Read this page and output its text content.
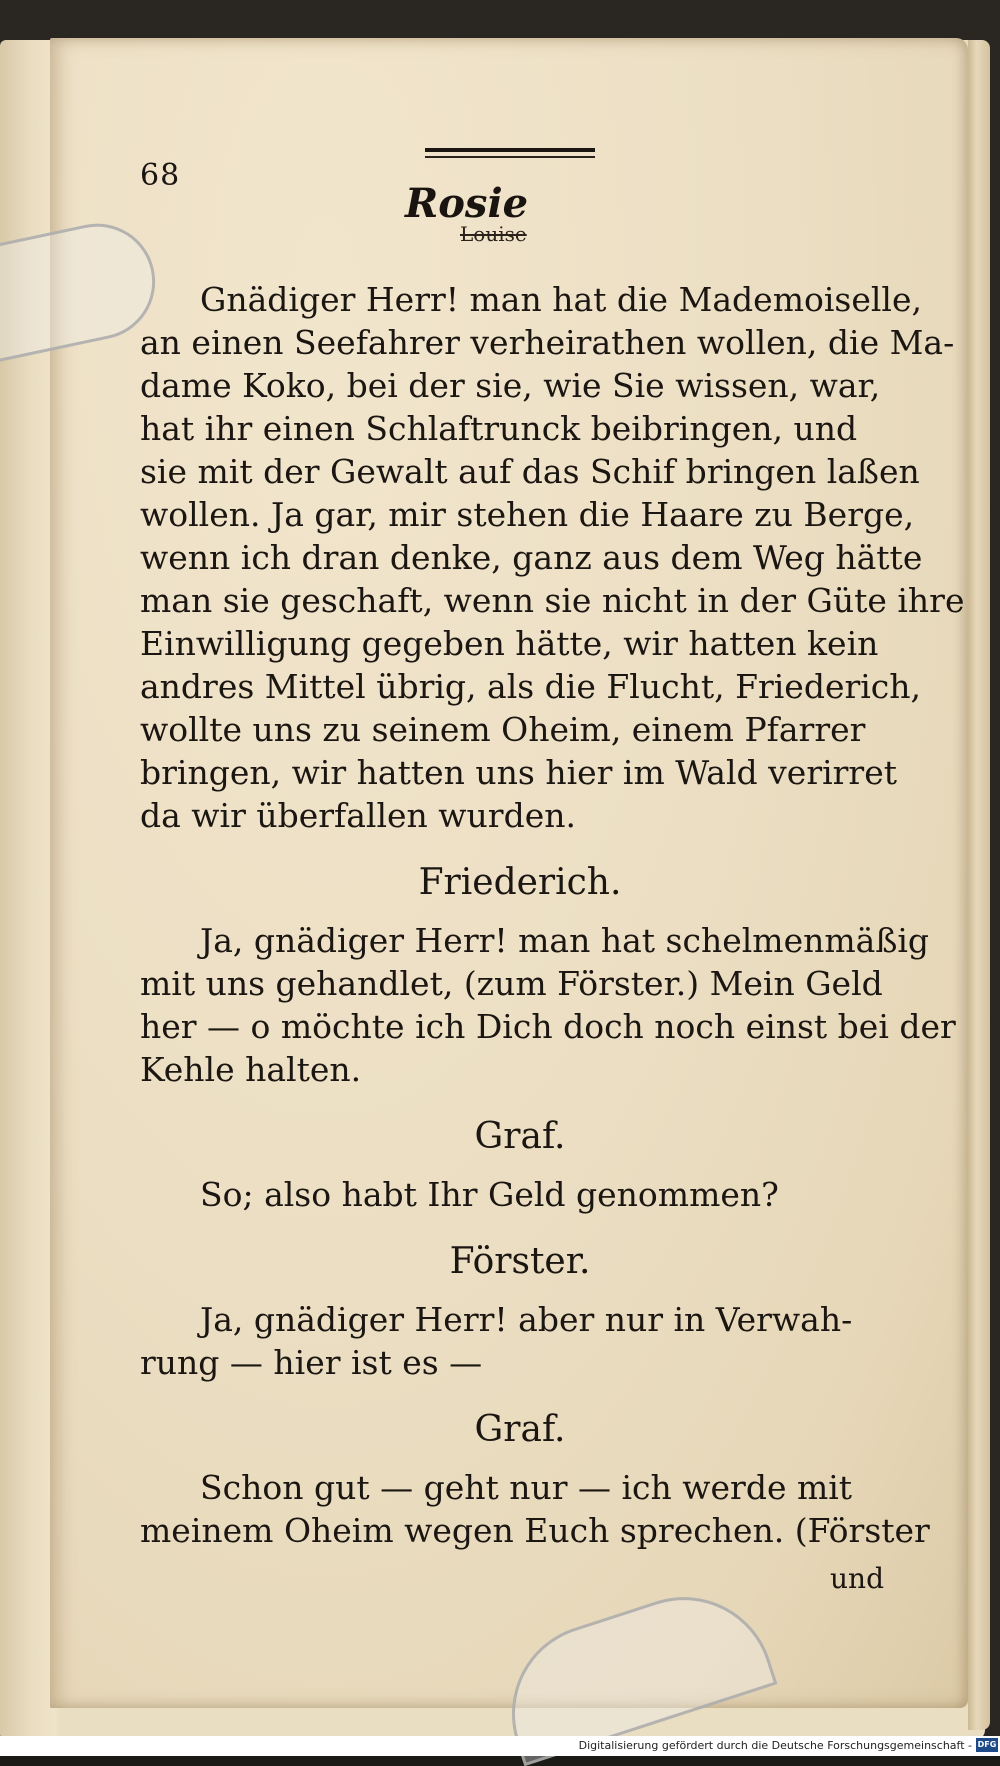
68
Rosie
Louise
Gnädiger Herr! man hat die Mademoiselle,
an einen Seefahrer verheirathen wollen, die Ma-
dame Koko, bei der sie, wie Sie wissen, war,
hat ihr einen Schlaftrunck beibringen, und
sie mit der Gewalt auf das Schif bringen laßen
wollen. Ja gar, mir stehen die Haare zu Berge,
wenn ich dran denke, ganz aus dem Weg hätte
man sie geschaft, wenn sie nicht in der Güte ihre
Einwilligung gegeben hätte, wir hatten kein
andres Mittel übrig, als die Flucht, Friederich,
wollte uns zu seinem Oheim, einem Pfarrer
bringen, wir hatten uns hier im Wald verirret
da wir überfallen wurden.
Friederich.
Ja, gnädiger Herr! man hat schelmenmäßig
mit uns gehandlet, (zum Förster.) Mein Geld
her — o möchte ich Dich doch noch einst bei der
Kehle halten.
Graf.
So; also habt Ihr Geld genommen?
Förster.
Ja, gnädiger Herr! aber nur in Verwah-
rung — hier ist es —
Graf.
Schon gut — geht nur — ich werde mit
meinem Oheim wegen Euch sprechen. (Förster
und
Digitalisierung gefördert durch die Deutsche Forschungsgemeinschaft - DFG
